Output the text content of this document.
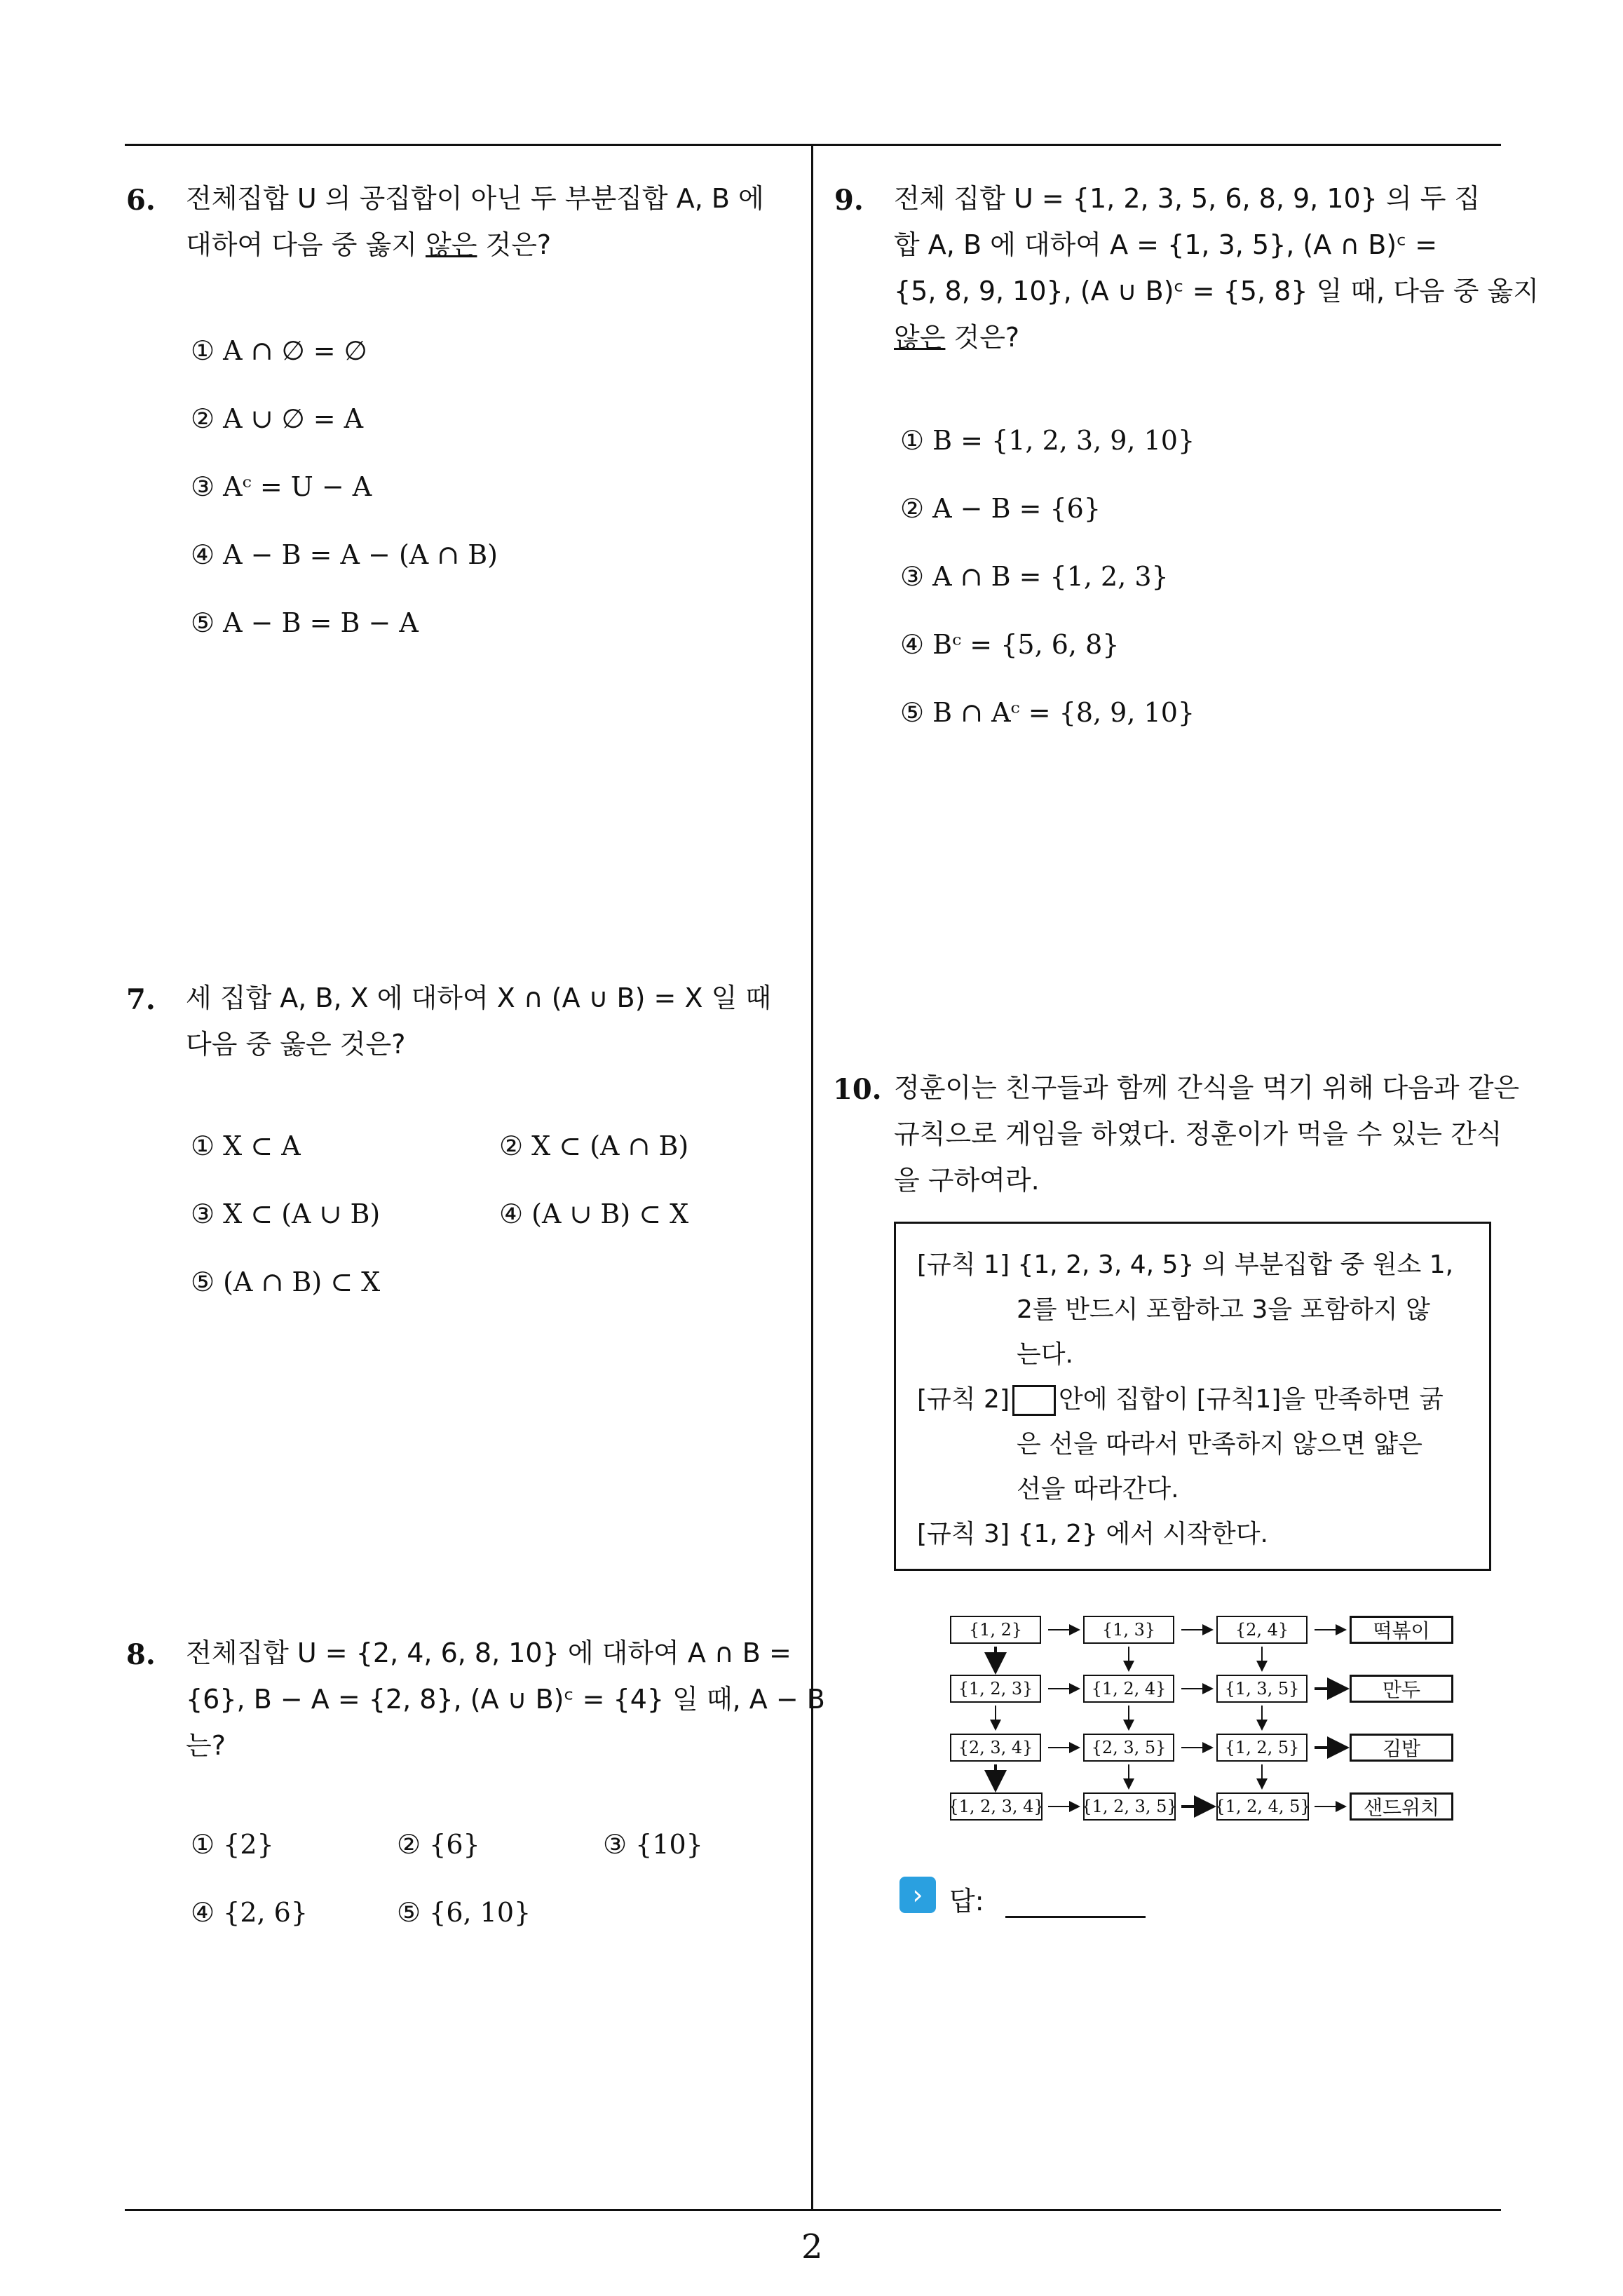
6. 전체집합 U 의 공집합이 아닌 두 부분집합 A, B 에
대하여 다음 중 옳지 않은 것은?
① A ∩ ∅ = ∅
② A ∪ ∅ = A
③ Aᶜ = U − A
④ A − B = A − (A ∩ B)
⑤ A − B = B − A
7. 세 집합 A, B, X 에 대하여 X ∩ (A ∪ B) = X 일 때
다음 중 옳은 것은?
① X ⊂ A	② X ⊂ (A ∩ B)
③ X ⊂ (A ∪ B)	④ (A ∪ B) ⊂ X
⑤ (A ∩ B) ⊂ X
8. 전체집합 U = {2, 4, 6, 8, 10} 에 대하여 A ∩ B =
{6}, B − A = {2, 8}, (A ∪ B)ᶜ = {4} 일 때, A − B
는?
① {2}	② {6}	③ {10}
④ {2, 6}	⑤ {6, 10}
9. 전체 집합 U = {1, 2, 3, 5, 6, 8, 9, 10} 의 두 집
합 A, B 에 대하여 A = {1, 3, 5}, (A ∩ B)ᶜ =
{5, 8, 9, 10}, (A ∪ B)ᶜ = {5, 8} 일 때, 다음 중 옳지
않은 것은?
① B = {1, 2, 3, 9, 10}
② A − B = {6}
③ A ∩ B = {1, 2, 3}
④ Bᶜ = {5, 6, 8}
⑤ B ∩ Aᶜ = {8, 9, 10}
10. 정훈이는 친구들과 함께 간식을 먹기 위해 다음과 같은
규칙으로 게임을 하였다. 정훈이가 먹을 수 있는 간식
을 구하여라.
[규칙 1] {1, 2, 3, 4, 5} 의 부분집합 중 원소 1,
2를 반드시 포함하고 3을 포함하지 않
는다.
[규칙 2] 안에 집합이 [규칙1]을 만족하면 굵
은 선을 따라서 만족하지 않으면 얇은
선을 따라간다.
[규칙 3] {1, 2} 에서 시작한다.
{1, 2}	{1, 3}	{2, 4}	떡볶이
{1, 2, 3}	{1, 2, 4}	{1, 3, 5}	만두
{2, 3, 4}	{2, 3, 5}	{1, 2, 5}	김밥
{1, 2, 3, 4} {1, 2, 3, 5} {1, 2, 4, 5}	샌드위치
› 답:
2
